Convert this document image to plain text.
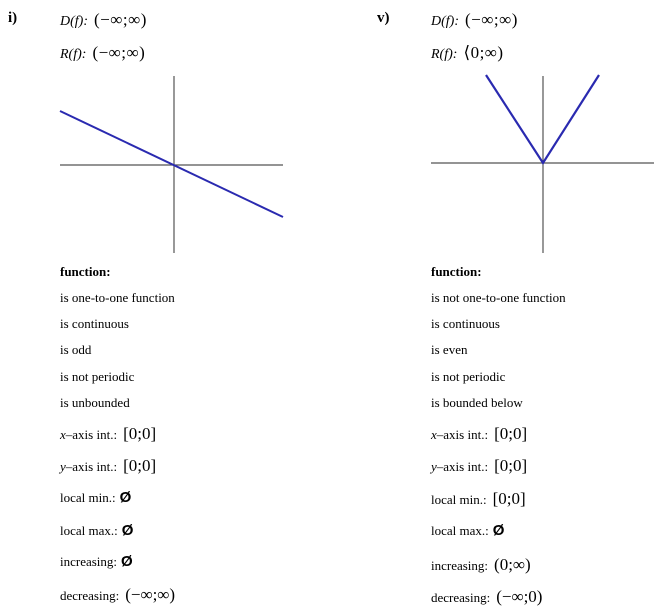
i)	D(f): (−∞;∞)
R(f): (−∞;∞)
function:
is one-to-one function
is continuous
is odd
is not periodic
is unbounded
x–axis int.: [0;0]
y–axis int.: [0;0]
local min.: Ø
local max.: Ø
increasing: Ø
decreasing: (−∞;∞)
v)	D(f): (−∞;∞)
R(f): ⟨0;∞)
function:
is not one-to-one function
is continuous
is even
is not periodic
is bounded below
x–axis int.: [0;0]
y–axis int.: [0;0]
local min.: [0;0]
local max.: Ø
increasing: (0;∞)
decreasing: (−∞;0)
